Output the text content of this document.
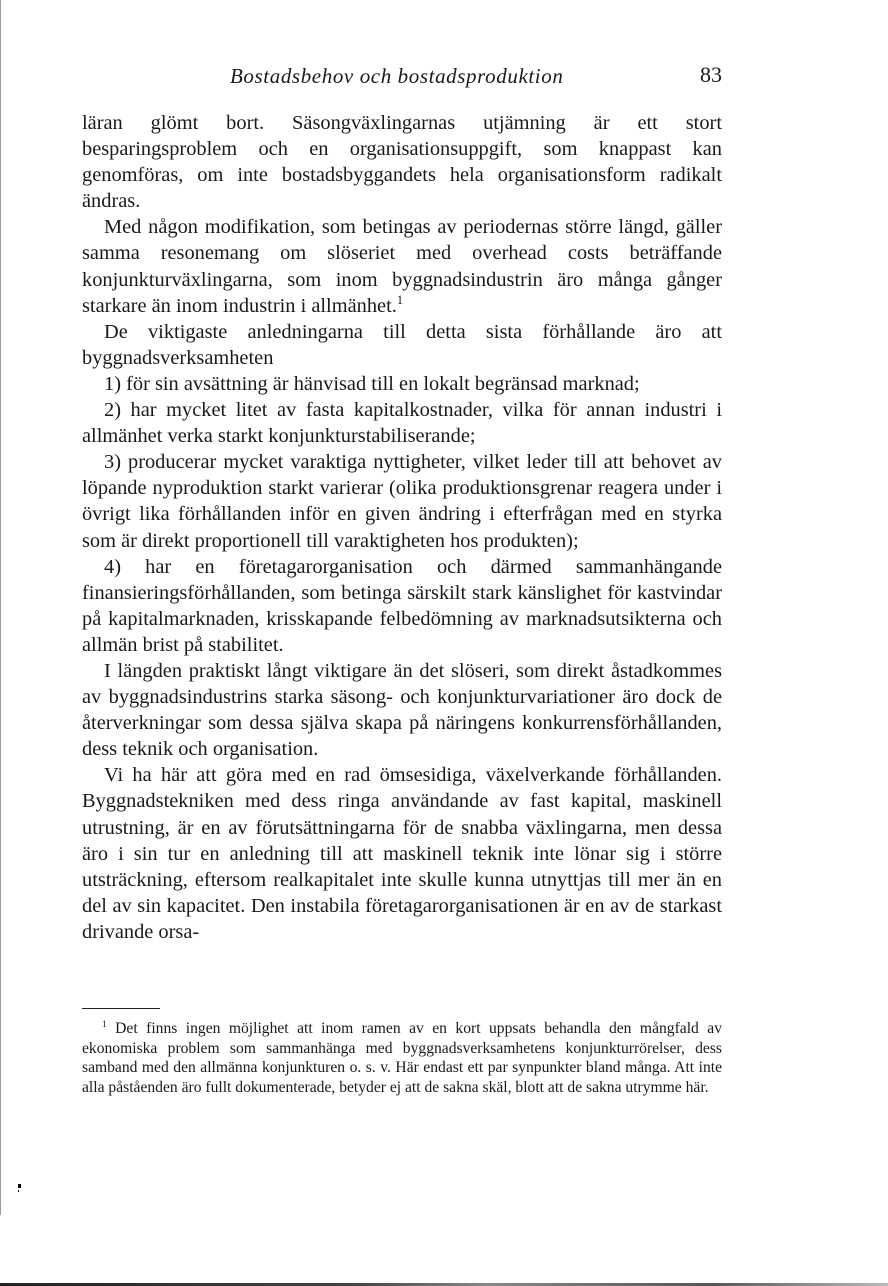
Bostadsbehov och bostadsproduktion	83

läran glömt bort. Säsongväxlingarnas utjämning är ett stort besparingsproblem och en organisationsuppgift, som knappast kan genomföras, om inte bostadsbyggandets hela organisationsform radikalt ändras.

Med någon modifikation, som betingas av periodernas större längd, gäller samma resonemang om slöseriet med overhead costs beträffande konjunkturväxlingarna, som inom byggnadsindustrin äro många gånger starkare än inom industrin i allmänhet.$^1$

De viktigaste anledningarna till detta sista förhållande äro att byggnadsverksamheten

1) för sin avsättning är hänvisad till en lokalt begränsad marknad;

2) har mycket litet av fasta kapitalkostnader, vilka för annan industri i allmänhet verka starkt konjunkturstabiliserande;

3) producerar mycket varaktiga nyttigheter, vilket leder till att behovet av löpande nyproduktion starkt varierar (olika produktionsgrenar reagera under i övrigt lika förhållanden inför en given ändring i efterfrågan med en styrka som är direkt proportionell till varaktigheten hos produkten);

4) har en företagarorganisation och därmed sammanhängande finansieringsförhållanden, som betinga särskilt stark känslighet för kastvindar på kapitalmarknaden, krisskapande felbedömning av marknadsutsikterna och allmän brist på stabilitet.

I längden praktiskt långt viktigare än det slöseri, som direkt åstadkommes av byggnadsindustrins starka säsong- och konjunkturvariationer äro dock de återverkningar som dessa själva skapa på näringens konkurrensförhållanden, dess teknik och organisation.

Vi ha här att göra med en rad ömsesidiga, växelverkande förhållanden. Byggnadstekniken med dess ringa användande av fast kapital, maskinell utrustning, är en av förutsättningarna för de snabba växlingarna, men dessa äro i sin tur en anledning till att maskinell teknik inte lönar sig i större utsträckning, eftersom realkapitalet inte skulle kunna utnyttjas till mer än en del av sin kapacitet. Den instabila företagarorganisationen är en av de starkast drivande orsa-

$^1$ Det finns ingen möjlighet att inom ramen av en kort uppsats behandla den mångfald av ekonomiska problem som sammanhänga med byggnadsverksamhetens konjunkturrörelser, dess samband med den allmänna konjunkturen o. s. v. Här endast ett par synpunkter bland många. Att inte alla påståenden äro fullt dokumenterade, betyder ej att de sakna skäl, blott att de sakna utrymme här.
